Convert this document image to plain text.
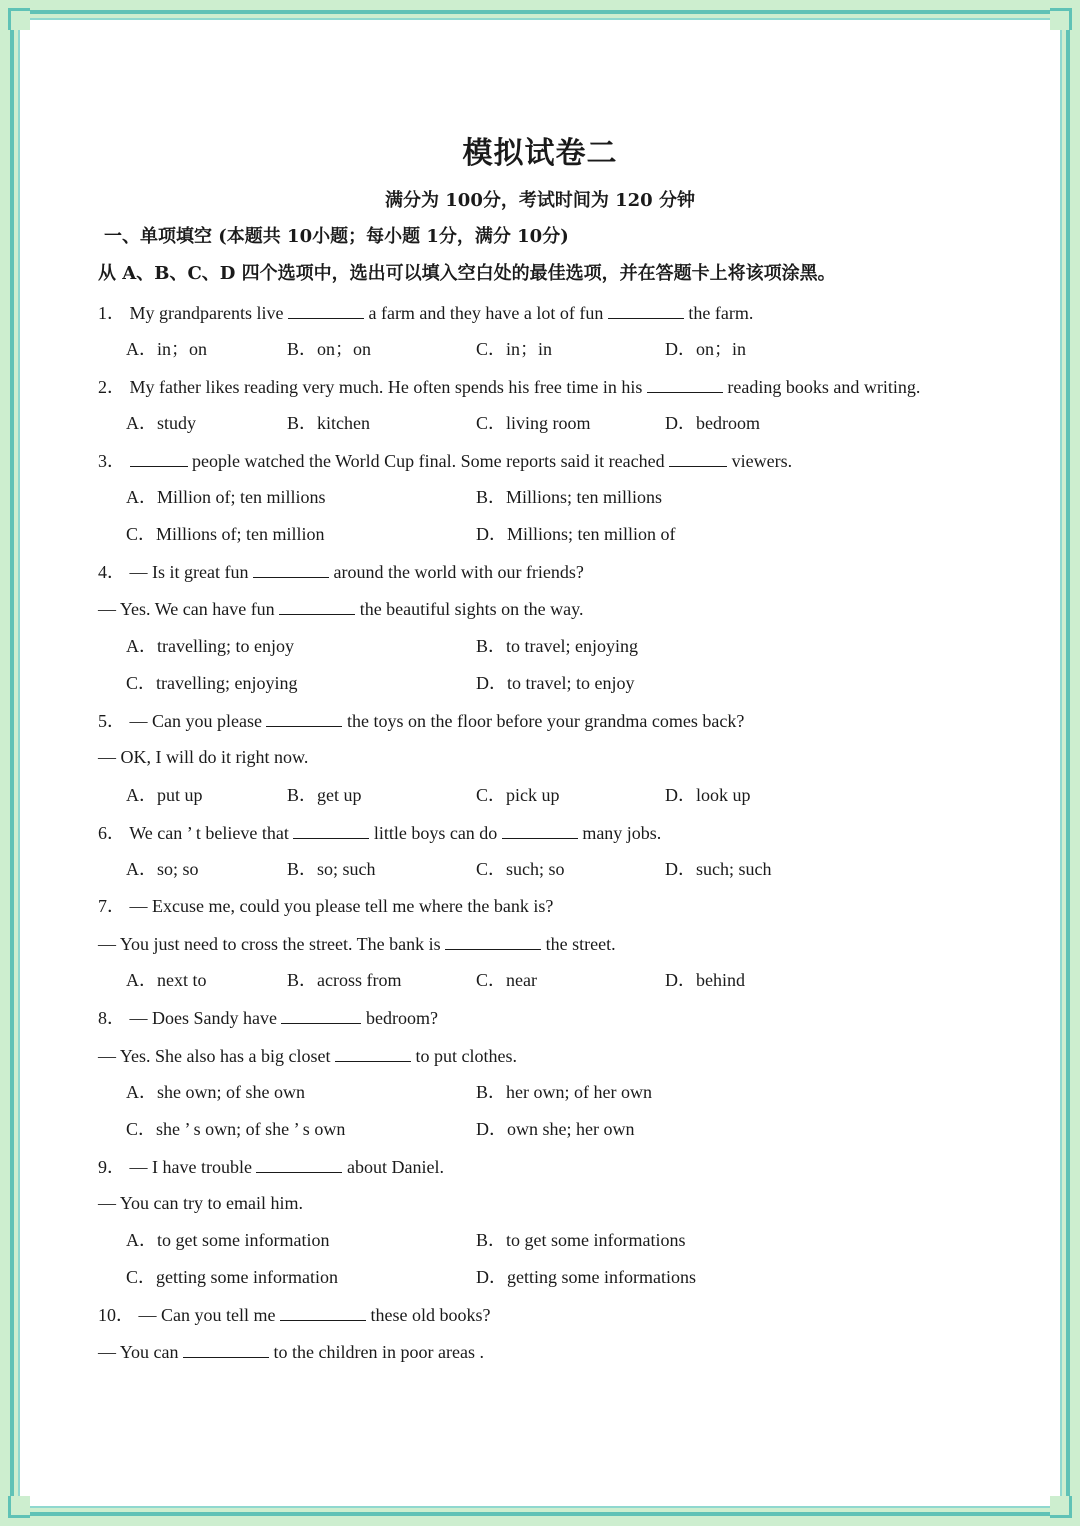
模拟试卷二
满分为 100分，考试时间为 120 分钟
一、单项填空 (本题共 10小题；每小题 1分，满分 10分)
从 A、B、C、D 四个选项中，选出可以填入空白处的最佳选项，并在答题卡上将该项涂黑。
1． My grandparents live	a farm and they have a lot of fun	the farm.
A．in；on	B．on；on	C．in；in	D．on；in
2． My father likes reading very much. He often spends his free time in his	reading books and writing.
A．study	B．kitchen	C．living room	D．bedroom
3．	people watched the World Cup final. Some reports said it reached	viewers.
A．Million of; ten millions	B．Millions; ten millions
C．Millions of; ten million	D．Millions; ten million of
4． — Is it great fun	around the world with our friends?
— Yes. We can have fun	the beautiful sights on the way.
A．travelling; to enjoy	B．to travel; enjoying
C．travelling; enjoying	D．to travel; to enjoy
5． — Can you please	the toys on the floor before your grandma comes back?
— OK, I will do it right now.
A．put up	B．get up	C．pick up	D．look up
6． We can ’ t believe that	little boys can do	many jobs.
A．so; so	B．so; such	C．such; so	D．such; such
7． — Excuse me, could you please tell me where the bank is?
— You just need to cross the street. The bank is	the street.
A．next to	B．across from	C．near	D．behind
8． — Does Sandy have	bedroom?
— Yes. She also has a big closet	to put clothes.
A．she own; of she own	B．her own; of her own
C．she ’ s own; of she ’ s own	D．own she; her own
9． — I have trouble	about Daniel.
— You can try to email him.
A．to get some information	B．to get some informations
C．getting some information	D．getting some informations
10． — Can you tell me	these old books?
— You can	to the children in poor areas .
